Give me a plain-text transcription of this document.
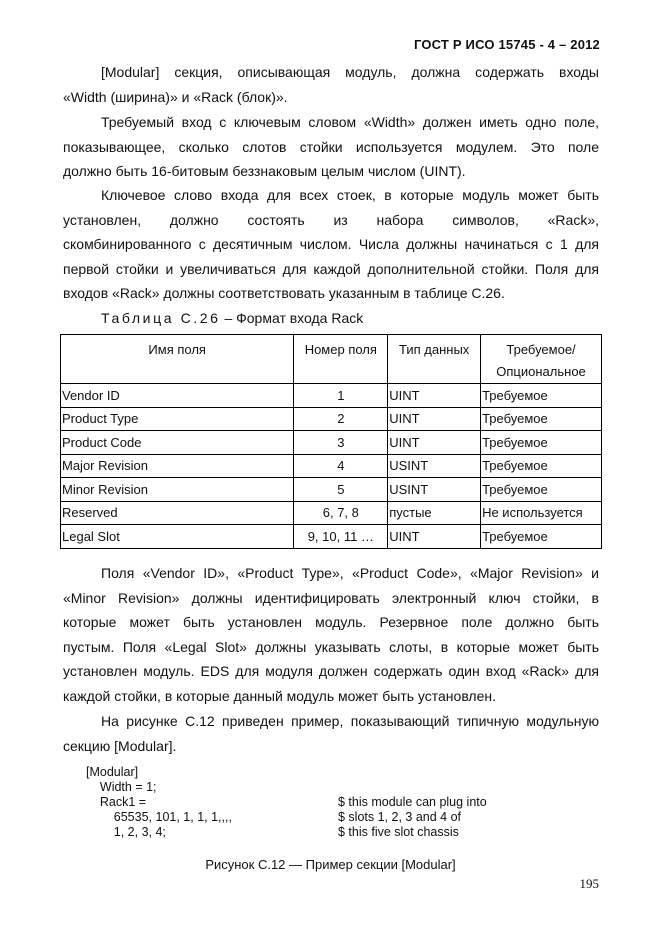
ГОСТ Р ИСО 15745 - 4 – 2012
[Modular] секция, описывающая модуль, должна содержать входы
«Width (ширина)» и «Rack (блок)».
Требуемый вход с ключевым словом «Width» должен иметь одно поле,
показывающее, сколько слотов стойки используется модулем. Это поле
должно быть 16-битовым беззнаковым целым числом (UINT).
Ключевое слово входа для всех стоек, в которые модуль может быть
установлен, должно состоять из набора символов, «Rack»,
скомбинированного с десятичным числом. Числа должны начинаться с 1 для
первой стойки и увеличиваться для каждой дополнительной стойки. Поля для
входов «Rack» должны соответствовать указанным в таблице С.26.
Таблица С.26 – Формат входа Rack
Имя поля	Номер поля	Тип данных	Требуемое/ Опциональное
Vendor ID	1	UINT	Требуемое
Product Type	2	UINT	Требуемое
Product Code	3	UINT	Требуемое
Major Revision	4	USINT	Требуемое
Minor Revision	5	USINT	Требуемое
Reserved	6, 7, 8	пустые	Не используется
Legal Slot	9, 10, 11 …	UINT	Требуемое
Поля «Vendor ID», «Product Type», «Product Code», «Major Revision» и
«Minor Revision» должны идентифицировать электронный ключ стойки, в
которые может быть установлен модуль. Резервное поле должно быть
пустым. Поля «Legal Slot» должны указывать слоты, в которые может быть
установлен модуль. EDS для модуля должен содержать один вход «Rack» для
каждой стойки, в которые данный модуль может быть установлен.
На рисунке С.12 приведен пример, показывающий типичную модульную
секцию [Modular].
[Modular]
Width = 1;
Rack1 =
65535, 101, 1, 1, 1,,,,
1, 2, 3, 4;
$ this module can plug into
$ slots 1, 2, 3 and 4 of
$ this five slot chassis
Рисунок С.12 — Пример секции [Modular]
195
